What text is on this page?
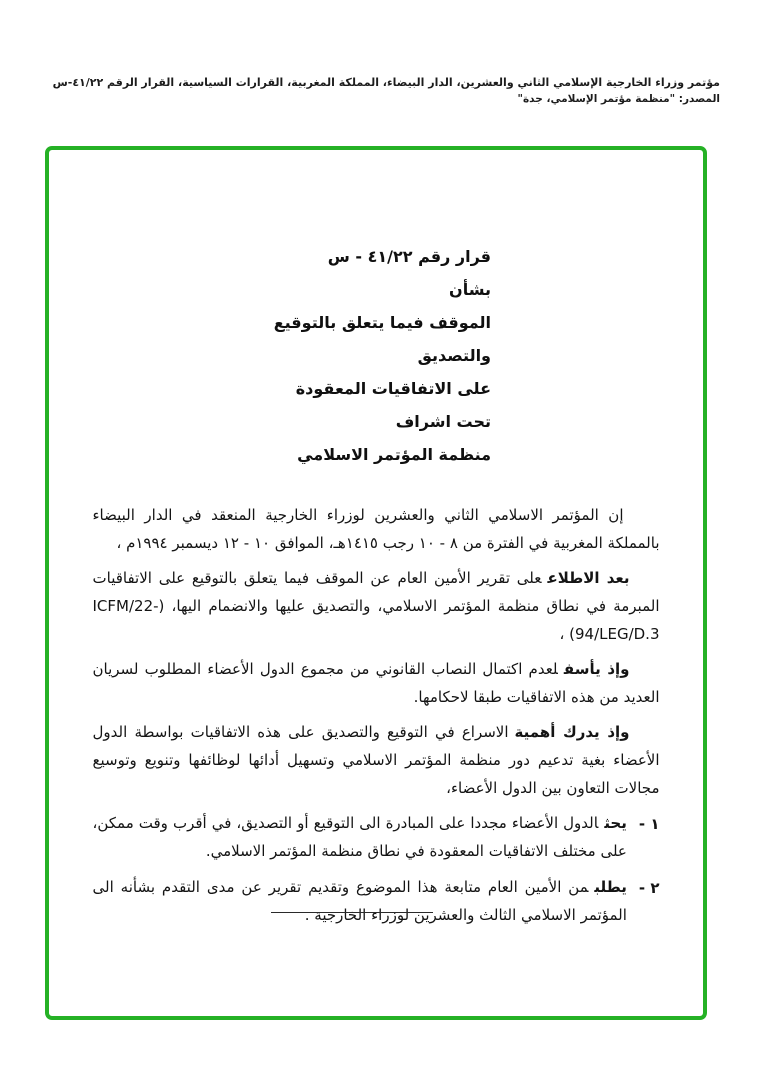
مؤتمر وزراء الخارجية الإسلامي الثاني والعشرين، الدار البيضاء، المملكة المغربية، القرارات السياسية، القرار الرقم ٤١/٢٢-س
المصدر: "منظمة مؤتمر الإسلامي، جدة"
قرار رقم ٤١/٢٢ - س
بشأن
الموقف فيما يتعلق بالتوقيع والتصديق
على الاتفاقيات المعقودة تحت اشراف
منظمة المؤتمر الاسلامي

إن المؤتمر الاسلامي الثاني والعشرين لوزراء الخارجية المنعقد في الدار البيضاء بالمملكة المغربية في الفترة من ٨ - ١٠ رجب ١٤١٥هـ، الموافق ١٠ - ١٢ ديسمبر ١٩٩٤م ،

بعد الاطلاععلى تقرير الأمين العام عن الموقف فيما يتعلق بالتوقيع على الاتفاقيات المبرمة في نطاق منظمة المؤتمر الاسلامي، والتصديق عليها والانضمام اليها، (ICFM/22-94/LEG/D.3) ،

وإذ يأسفلعدم اكتمال النصاب القانوني من مجموع الدول الأعضاء المطلوب لسريان العديد من هذه الاتفاقيات طبقا لاحكامها.

وإذ يدرك أهميةالاسراع في التوقيع والتصديق على هذه الاتفاقيات بواسطة الدول الأعضاء بغية تدعيم دور منظمة المؤتمر الاسلامي وتسهيل أدائها لوظائفها وتنويع وتوسيع مجالات التعاون بين الدول الأعضاء،

١ -
يحثالدول الأعضاء مجددا على المبادرة الى التوقيع أو التصديق، في أقرب وقت ممكن، على مختلف الاتفاقيات المعقودة في نطاق منظمة المؤتمر الاسلامي.
٢ -
يطلبمن الأمين العام متابعة هذا الموضوع وتقديم تقرير عن مدى التقدم بشأنه الى المؤتمر الاسلامي الثالث والعشرين لوزراء الخارجية .
